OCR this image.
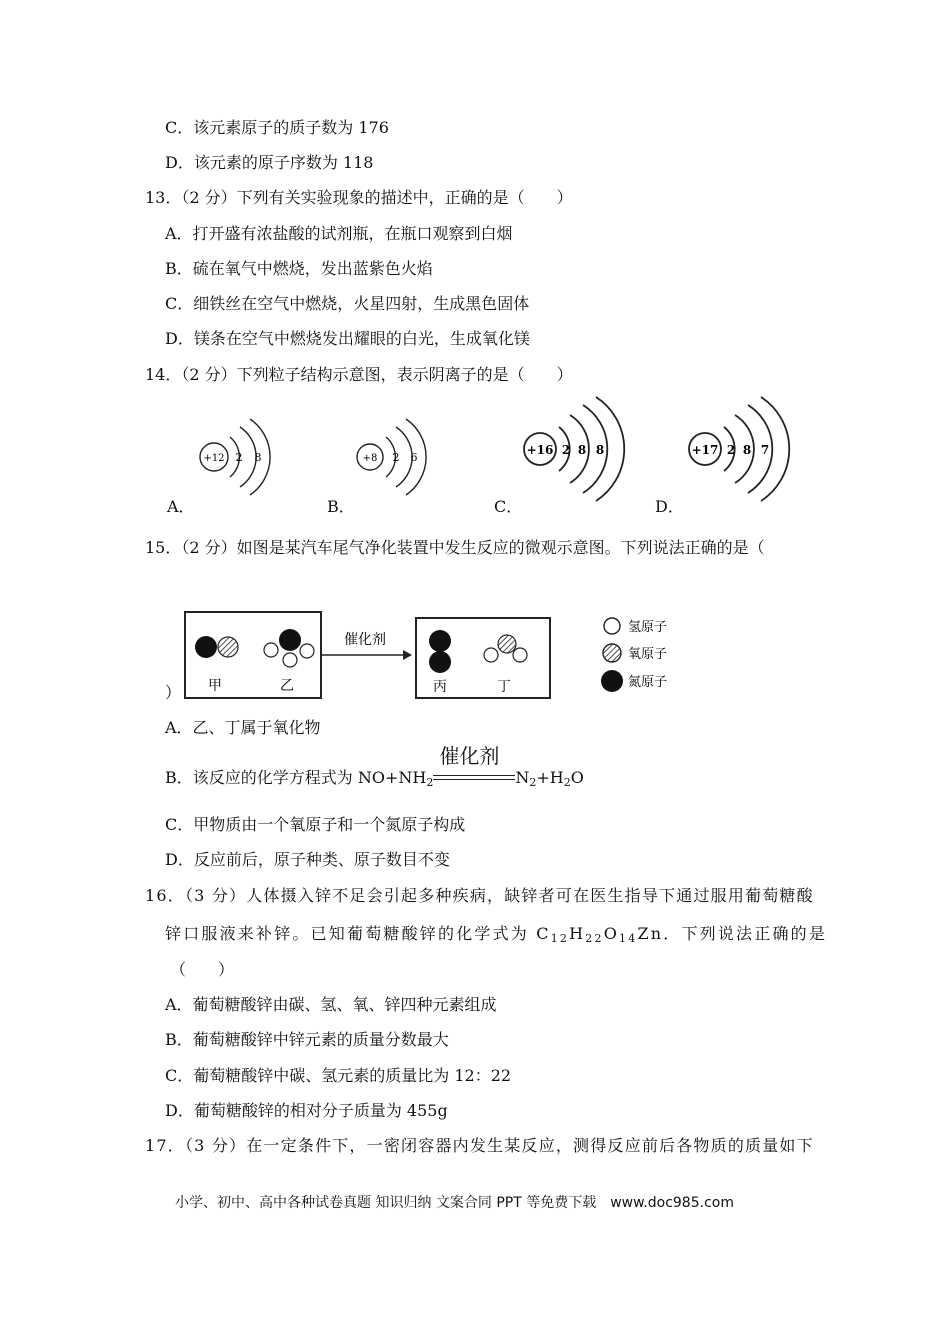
C．该元素原子的质子数为 176
D．该元素的原子序数为 118
13．（2 分）下列有关实验现象的描述中，正确的是（　　）
A．打开盛有浓盐酸的试剂瓶，在瓶口观察到白烟
B．硫在氧气中燃烧，发出蓝紫色火焰
C．细铁丝在空气中燃烧，火星四射，生成黑色固体
D．镁条在空气中燃烧发出耀眼的白光，生成氧化镁
14．（2 分）下列粒子结构示意图，表示阴离子的是（　　）
+12 2 8	+8 2 6
+16 2 8 8	+17 2 8 7
A．	B．	C．	D．
15．（2 分）如图是某汽车尾气净化装置中发生反应的微观示意图。下列说法正确的是（
甲	乙
催化剂
丙	丁
氢原子
氧原子
氮原子
）
A．乙、丁属于氧化物
B．该反应的化学方程式为 $NO+NH_2$
催化剂
$N_2+H_2O$
C．甲物质由一个氧原子和一个氮原子构成
D．反应前后，原子种类、原子数目不变
16．（3 分）人体摄入锌不足会引起多种疾病，缺锌者可在医生指导下通过服用葡萄糖酸
锌口服液来补锌。已知葡萄糖酸锌的化学式为 $C_{12}H_{22}O_{14}Zn$．下列说法正确的是
（　　）
A．葡萄糖酸锌由碳、氢、氧、锌四种元素组成
B．葡萄糖酸锌中锌元素的质量分数最大
C．葡萄糖酸锌中碳、氢元素的质量比为 12：22
D．葡萄糖酸锌的相对分子质量为 455g
17．（3 分）在一定条件下，一密闭容器内发生某反应，测得反应前后各物质的质量如下
小学、初中、高中各种试卷真题 知识归纳 文案合同 PPT 等免费下载　www.doc985.com
